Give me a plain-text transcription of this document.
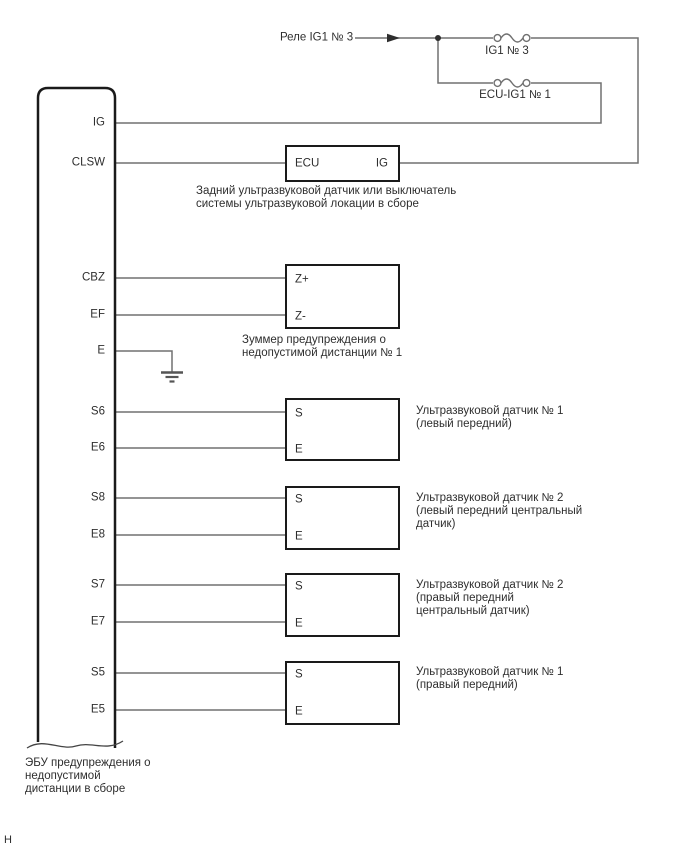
Реле IG1 № 3
IG1 № 3
ECU-IG1 № 1
IG
CLSW
CBZ
EF
E
S6
E6
S8
E8
S7
E7
S5
E5
ECU	IG
Задний ультразвуковой датчик или выключатель
системы ультразвуковой локации в сборе
Z+
Z-
Зуммер предупреждения о
недопустимой дистанции № 1
S
E
Ультразвуковой датчик № 1
(левый передний)
S
E
Ультразвуковой датчик № 2
(левый передний центральный
датчик)
S
E
Ультразвуковой датчик № 2
(правый передний
центральный датчик)
S
E
Ультразвуковой датчик № 1
(правый передний)
ЭБУ предупреждения о
недопустимой
дистанции в сборе
Н
